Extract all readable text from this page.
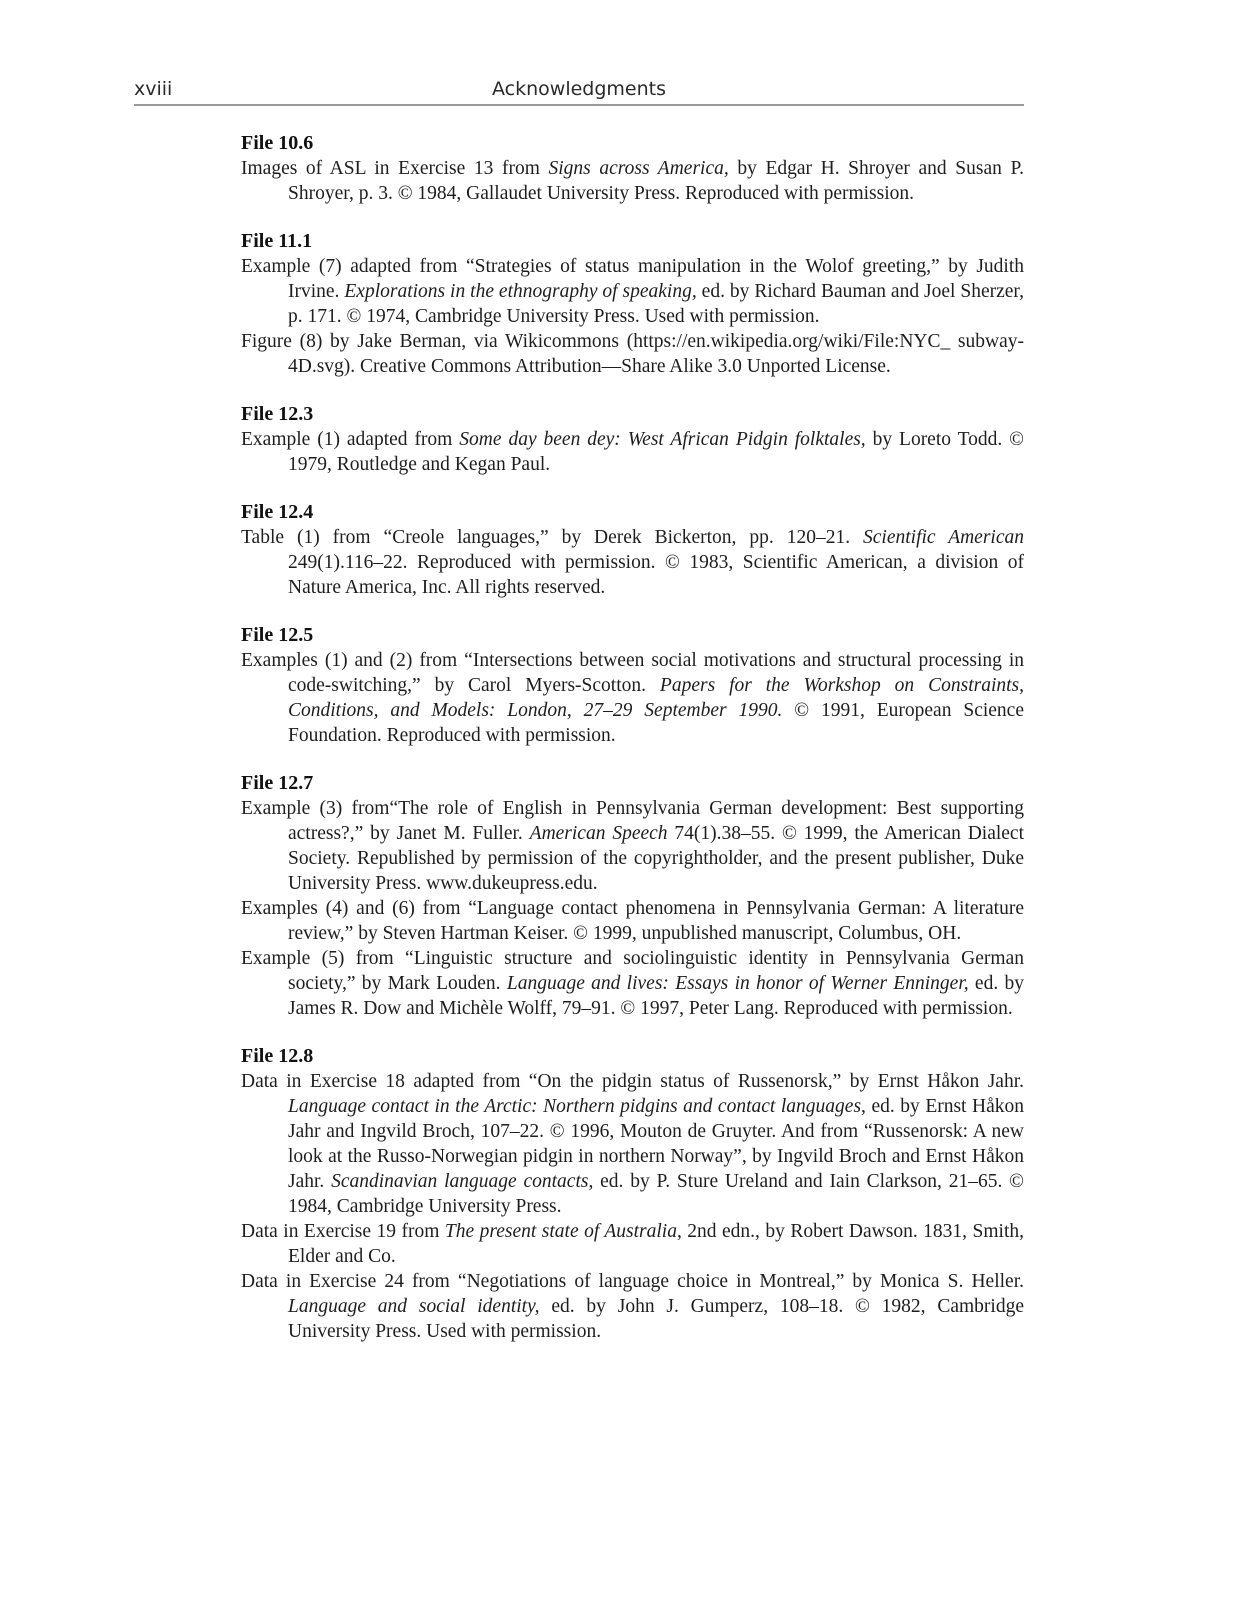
xviii	Acknowledgments
File 10.6

Images of ASL in Exercise 13 from Signs across America, by Edgar H. Shroyer and Susan P. Shroyer, p. 3. © 1984, Gallaudet University Press. Reproduced with permission.

File 11.1

Example (7) adapted from “Strategies of status manipulation in the Wolof greeting,” by Judith Irvine. Explorations in the ethnography of speaking, ed. by Richard Bauman and Joel Sherzer, p. 171. © 1974, Cambridge University Press. Used with permission.

Figure (8) by Jake Berman, via Wikicommons (https://en.wikipedia.org/wiki/File:NYC_ subway-4D.svg). Creative Commons Attribution—Share Alike 3.0 Unported License.

File 12.3

Example (1) adapted from Some day been dey: West African Pidgin folktales, by Loreto Todd. © 1979, Routledge and Kegan Paul.

File 12.4

Table (1) from “Creole languages,” by Derek Bickerton, pp. 120–21. Scientific American 249(1).116–22. Reproduced with permission. © 1983, Scientific American, a division of Nature America, Inc. All rights reserved.

File 12.5

Examples (1) and (2) from “Intersections between social motivations and structural processing in code-switching,” by Carol Myers-Scotton. Papers for the Workshop on Constraints, Conditions, and Models: London, 27–29 September 1990. © 1991, European Science Foundation. Reproduced with permission.

File 12.7

Example (3) from“The role of English in Pennsylvania German development: Best supporting actress?,” by Janet M. Fuller. American Speech 74(1).38–55. © 1999, the American Dialect Society. Republished by permission of the copyrightholder, and the present publisher, Duke University Press. www.dukeupress.edu.

Examples (4) and (6) from “Language contact phenomena in Pennsylvania German: A literature review,” by Steven Hartman Keiser. © 1999, unpublished manuscript, Columbus, OH.

Example (5) from “Linguistic structure and sociolinguistic identity in Pennsylvania German society,” by Mark Louden. Language and lives: Essays in honor of Werner Enninger, ed. by James R. Dow and Michèle Wolff, 79–91. © 1997, Peter Lang. Reproduced with permission.

File 12.8

Data in Exercise 18 adapted from “On the pidgin status of Russenorsk,” by Ernst Håkon Jahr. Language contact in the Arctic: Northern pidgins and contact languages, ed. by Ernst Håkon Jahr and Ingvild Broch, 107–22. © 1996, Mouton de Gruyter. And from “Russenorsk: A new look at the Russo-Norwegian pidgin in northern Norway”, by Ingvild Broch and Ernst Håkon Jahr. Scandinavian language contacts, ed. by P. Sture Ureland and Iain Clarkson, 21–65. © 1984, Cambridge University Press.

Data in Exercise 19 from The present state of Australia, 2nd edn., by Robert Dawson. 1831, Smith, Elder and Co.

Data in Exercise 24 from “Negotiations of language choice in Montreal,” by Monica S. Heller. Language and social identity, ed. by John J. Gumperz, 108–18. © 1982, Cambridge University Press. Used with permission.
